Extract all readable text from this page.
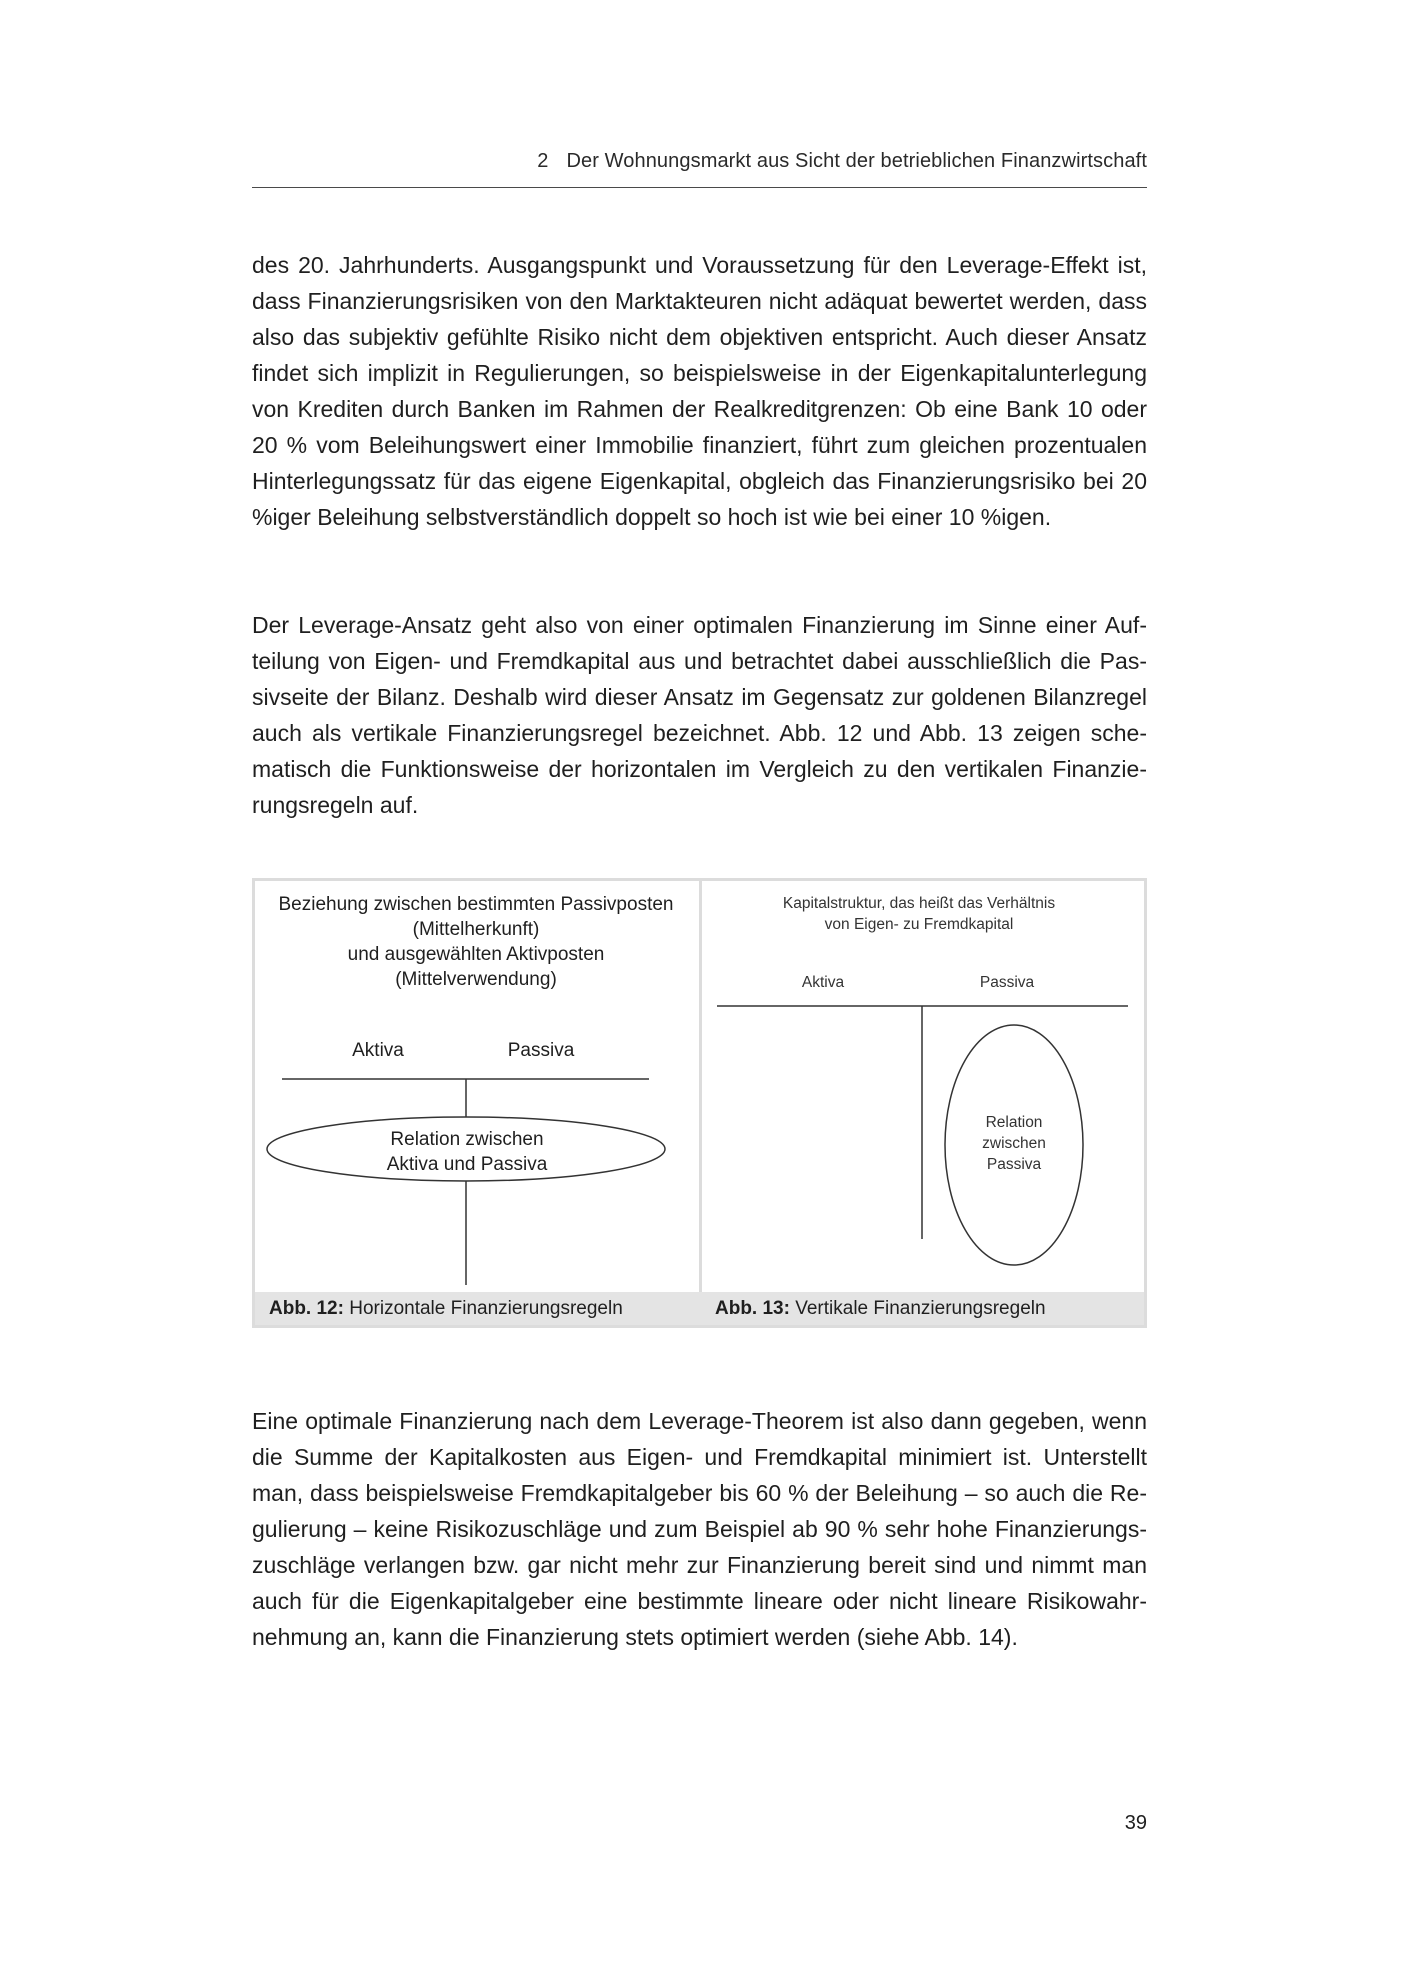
2 Der Wohnungsmarkt aus Sicht der betrieblichen Finanzwirtschaft

des 20. Jahrhunderts. Ausgangspunkt und Voraussetzung für den Leverage-Effekt ist, dass Finanzierungsrisiken von den Marktakteuren nicht adäquat bewertet werden, dass also das subjektiv gefühlte Risiko nicht dem objektiven entspricht. Auch dieser Ansatz findet sich implizit in Regulierungen, so beispielsweise in der Eigenkapitalunterlegung von Krediten durch Banken im Rahmen der Realkreditgrenzen: Ob eine Bank 10 oder 20 % vom Beleihungswert einer Immobilie finanziert, führt zum gleichen prozentualen Hinterlegungssatz für das eigene Eigenkapital, obgleich das Finanzierungsrisiko bei 20 %iger Beleihung selbstverständlich doppelt so hoch ist wie bei einer 10 %igen.

Der Leverage-Ansatz geht also von einer optimalen Finanzierung im Sinne einer Aufteilung von Eigen- und Fremdkapital aus und betrachtet dabei ausschließlich die Passivseite der Bilanz. Deshalb wird dieser Ansatz im Gegensatz zur goldenen Bilanzregel auch als vertikale Finanzierungsregel bezeichnet. Abb. 12 und Abb. 13 zeigen schematisch die Funktionsweise der horizontalen im Vergleich zu den vertikalen Finanzierungsregeln auf.

Beziehung zwischen bestimmten Passivposten
(Mittelherkunft)
und ausgewählten Aktivposten
(Mittelverwendung)
Aktiva	Passiva
Relation zwischen
Aktiva und Passiva
Kapitalstruktur, das heißt das Verhältnis
von Eigen- zu Fremdkapital
Aktiva	Passiva
Relation
zwischen
Passiva
Abb. 12: Horizontale Finanzierungsregeln	Abb. 13: Vertikale Finanzierungsregeln

Eine optimale Finanzierung nach dem Leverage-Theorem ist also dann gegeben, wenn die Summe der Kapitalkosten aus Eigen- und Fremdkapital minimiert ist. Unterstellt man, dass beispielsweise Fremdkapitalgeber bis 60 % der Beleihung – so auch die Regulierung – keine Risikozuschläge und zum Beispiel ab 90 % sehr hohe Finanzierungszuschläge verlangen bzw. gar nicht mehr zur Finanzierung bereit sind und nimmt man auch für die Eigenkapitalgeber eine bestimmte lineare oder nicht lineare Risikowahrnehmung an, kann die Finanzierung stets optimiert werden (siehe Abb. 14).

39
